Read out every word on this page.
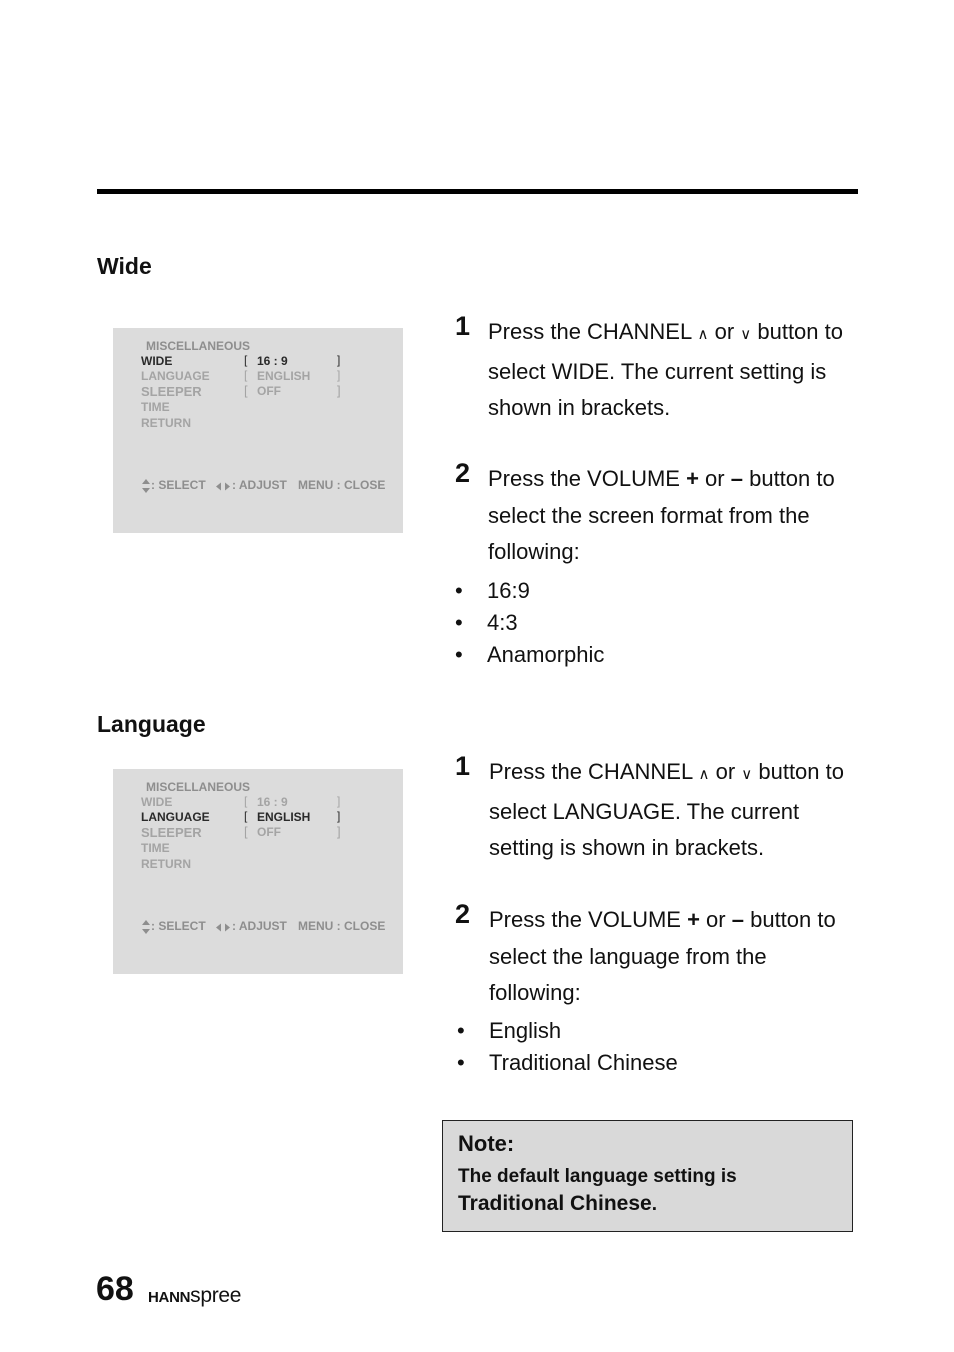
Wide
MISCELLANEOUS
WIDE	[ 16 : 9	]
LANGUAGE	[ ENGLISH ]
SLEEPER	[ OFF	]
TIME
RETURN
: SELECT : ADJUST MENU : CLOSE
1 Press the CHANNEL ∧ or ∨ button to select WIDE. The current setting is shown in brackets.
2 Press the VOLUME + or – button to select the screen format from the following:
• 16:9
• 4:3
• Anamorphic
Language
MISCELLANEOUS
WIDE	[ 16 : 9	]
LANGUAGE	[ ENGLISH ]
SLEEPER	[ OFF	]
TIME
RETURN
: SELECT : ADJUST MENU : CLOSE
1 Press the CHANNEL ∧ or ∨ button to select LANGUAGE. The current setting is shown in brackets.
2 Press the VOLUME + or – button to select the language from the following:
• English
• Traditional Chinese
Note:
The default language setting is Traditional Chinese.
68 HANNspree
